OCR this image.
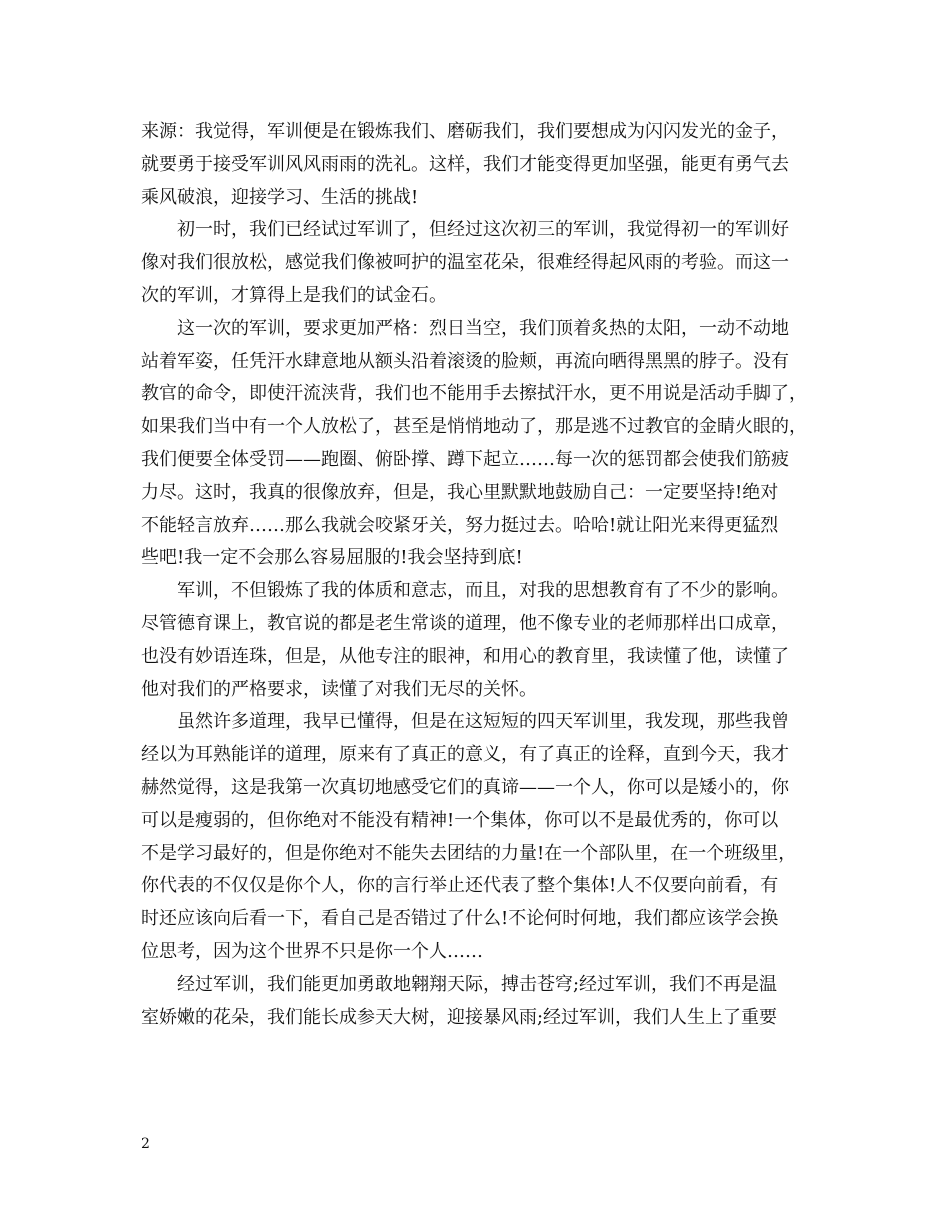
来源：我觉得，军训便是在锻炼我们、磨砺我们，我们要想成为闪闪发光的金子，
就要勇于接受军训风风雨雨的洗礼。这样，我们才能变得更加坚强，能更有勇气去
乘风破浪，迎接学习、生活的挑战!
初一时，我们已经试过军训了，但经过这次初三的军训，我觉得初一的军训好
像对我们很放松，感觉我们像被呵护的温室花朵，很难经得起风雨的考验。而这一
次的军训，才算得上是我们的试金石。
这一次的军训，要求更加严格：烈日当空，我们顶着炙热的太阳，一动不动地
站着军姿，任凭汗水肆意地从额头沿着滚烫的脸颊，再流向晒得黑黑的脖子。没有
教官的命令，即使汗流浃背，我们也不能用手去擦拭汗水，更不用说是活动手脚了，
如果我们当中有一个人放松了，甚至是悄悄地动了，那是逃不过教官的金睛火眼的，
我们便要全体受罚——跑圈、俯卧撑、蹲下起立……每一次的惩罚都会使我们筋疲
力尽。这时，我真的很像放弃，但是，我心里默默地鼓励自己：一定要坚持!绝对
不能轻言放弃……那么我就会咬紧牙关，努力挺过去。哈哈!就让阳光来得更猛烈
些吧!我一定不会那么容易屈服的!我会坚持到底!
军训，不但锻炼了我的体质和意志，而且，对我的思想教育有了不少的影响。
尽管德育课上，教官说的都是老生常谈的道理，他不像专业的老师那样出口成章，
也没有妙语连珠，但是，从他专注的眼神，和用心的教育里，我读懂了他，读懂了
他对我们的严格要求，读懂了对我们无尽的关怀。
虽然许多道理，我早已懂得，但是在这短短的四天军训里，我发现，那些我曾
经以为耳熟能详的道理，原来有了真正的意义，有了真正的诠释，直到今天，我才
赫然觉得，这是我第一次真切地感受它们的真谛——一个人，你可以是矮小的，你
可以是瘦弱的，但你绝对不能没有精神!一个集体，你可以不是最优秀的，你可以
不是学习最好的，但是你绝对不能失去团结的力量!在一个部队里，在一个班级里，
你代表的不仅仅是你个人，你的言行举止还代表了整个集体!人不仅要向前看，有
时还应该向后看一下，看自己是否错过了什么!不论何时何地，我们都应该学会换
位思考，因为这个世界不只是你一个人……
经过军训，我们能更加勇敢地翱翔天际，搏击苍穹;经过军训，我们不再是温
室娇嫩的花朵，我们能长成参天大树，迎接暴风雨;经过军训，我们人生上了重要
2
